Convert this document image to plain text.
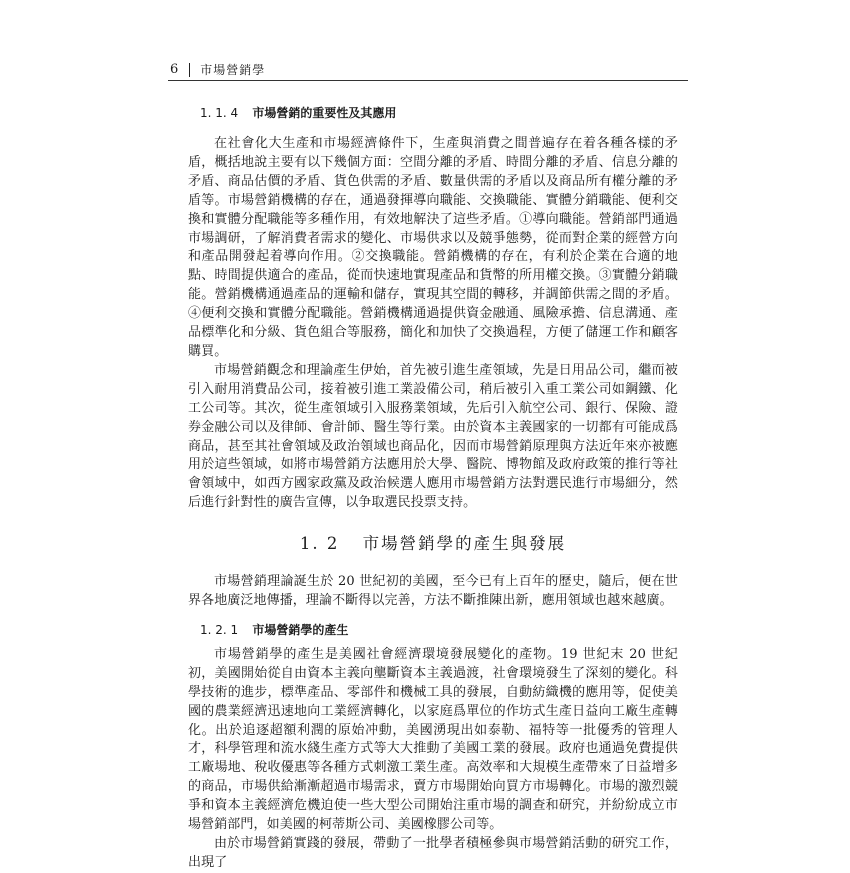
6 市場營銷學
1. 1. 4 市場營銷的重要性及其應用

在社會化大生產和市場經濟條件下，生產與消費之間普遍存在着各種各樣的矛盾，概括地說主要有以下幾個方面：空間分離的矛盾、時間分離的矛盾、信息分離的矛盾、商品估價的矛盾、貨色供需的矛盾、數量供需的矛盾以及商品所有權分離的矛盾等。市場營銷機構的存在，通過發揮導向職能、交換職能、實體分銷職能、便利交換和實體分配職能等多種作用，有效地解決了這些矛盾。①導向職能。營銷部門通過市場調研，了解消費者需求的變化、市場供求以及競爭態勢，從而對企業的經營方向和產品開發起着導向作用。②交換職能。營銷機構的存在，有利於企業在合適的地點、時間提供適合的產品，從而快速地實現產品和貨幣的所用權交換。③實體分銷職能。營銷機構通過產品的運輸和儲存，實現其空間的轉移，并調節供需之間的矛盾。④便利交換和實體分配職能。營銷機構通過提供資金融通、風險承擔、信息溝通、產品標準化和分級、貨色組合等服務，簡化和加快了交換過程，方便了儲運工作和顧客購買。

市場營銷觀念和理論產生伊始，首先被引進生產領域，先是日用品公司，繼而被引入耐用消費品公司，接着被引進工業設備公司，稍后被引入重工業公司如鋼鐵、化工公司等。其次，從生產領域引入服務業領域，先后引入航空公司、銀行、保險、證券金融公司以及律師、會計師、醫生等行業。由於資本主義國家的一切都有可能成爲商品，甚至其社會領域及政治領域也商品化，因而市場營銷原理與方法近年來亦被應用於這些領域，如將市場營銷方法應用於大學、醫院、博物館及政府政策的推行等社會領域中，如西方國家政黨及政治候選人應用市場營銷方法對選民進行市場細分，然后進行針對性的廣告宣傳，以争取選民投票支持。

1. 2 市場營銷學的產生與發展

市場營銷理論誕生於 20 世紀初的美國，至今已有上百年的歷史，隨后，便在世界各地廣泛地傳播，理論不斷得以完善，方法不斷推陳出新，應用領域也越來越廣。

1. 2. 1 市場營銷學的產生

市場營銷學的產生是美國社會經濟環境發展變化的產物。19 世紀末 20 世紀初，美國開始從自由資本主義向壟斷資本主義過渡，社會環境發生了深刻的變化。科學技術的進步，標準產品、零部件和機械工具的發展，自動紡織機的應用等，促使美國的農業經濟迅速地向工業經濟轉化，以家庭爲單位的作坊式生產日益向工廠生產轉化。出於追逐超額利潤的原始冲動，美國湧現出如泰勒、福特等一批優秀的管理人才，科學管理和流水綫生產方式等大大推動了美國工業的發展。政府也通過免費提供工廠場地、稅收優惠等各種方式刺激工業生產。高效率和大規模生產帶來了日益增多的商品，市場供給漸漸超過市場需求，賣方市場開始向買方市場轉化。市場的激烈競爭和資本主義經濟危機迫使一些大型公司開始注重市場的調查和研究，并紛紛成立市場營銷部門，如美國的柯蒂斯公司、美國橡膠公司等。

由於市場營銷實踐的發展，帶動了一批學者積極參與市場營銷活動的研究工作，出現了
